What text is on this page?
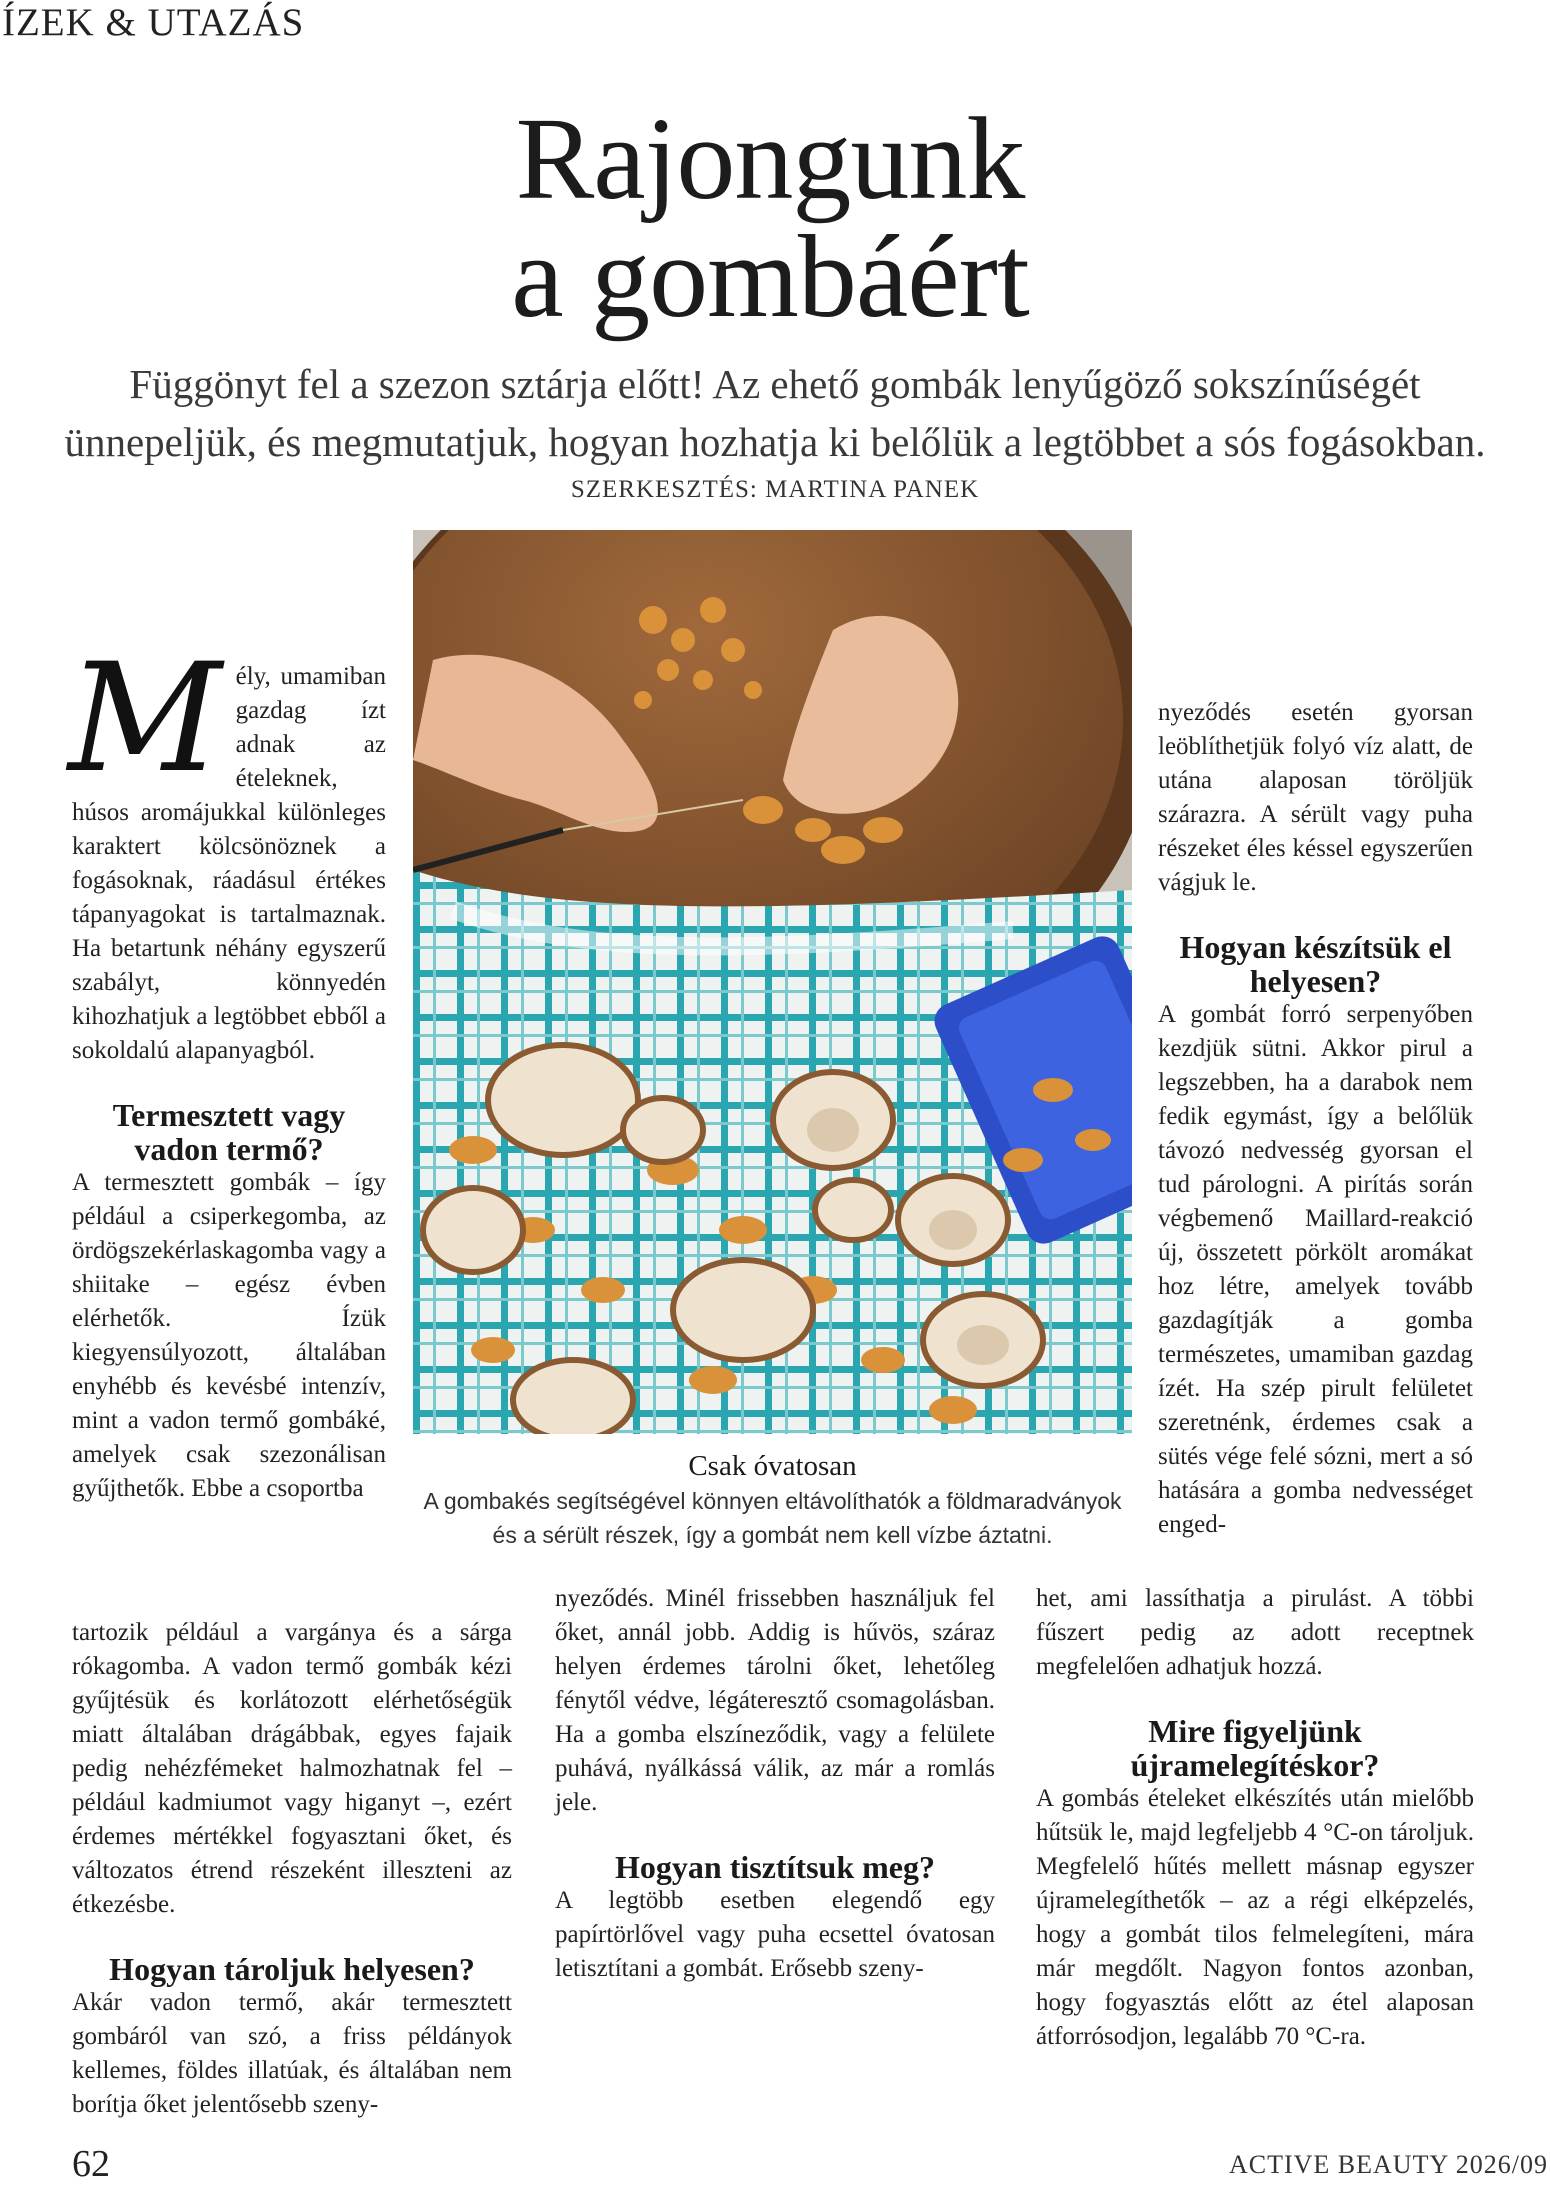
ÍZEK & UTAZÁS
Rajongunk
a gombáért
Függönyt fel a szezon sztárja előtt! Az ehető gombák lenyűgöző sokszínűségét ünnepeljük, és megmutatjuk, hogyan hozhatja ki belőlük a legtöbbet a sós fogásokban.
SZERKESZTÉS: MARTINA PANEK
Csak óvatosan
A gombakés segítségével könnyen eltávolíthatók a földmaradványok és a sérült részek, így a gombát nem kell vízbe áztatni.
M ély, umamiban gazdag ízt adnak az ételeknek, húsos aromájukkal különleges karaktert kölcsönöznek a fogásoknak, ráadásul értékes tápanyagokat is tartalmaznak. Ha betartunk néhány egyszerű szabályt, könnyedén kihozhatjuk a legtöbbet ebből a sokoldalú alapanyagból.

Termesztett vagy vadon termő?

A termesztett gombák – így például a csiperkegomba, az ördögszekérlaskagomba vagy a shiitake – egész évben elérhetők. Ízük kiegyensúlyozott, általában enyhébb és kevésbé intenzív, mint a vadon termő gombáké, amelyek csak szezonálisan gyűjthetők. Ebbe a csoportba

tartozik például a vargánya és a sárga rókagomba. A vadon termő gombák kézi gyűjtésük és korlátozott elérhetőségük miatt általában drágábbak, egyes fajaik pedig nehézfémeket halmozhatnak fel – például kadmiumot vagy higanyt –, ezért érdemes mértékkel fogyasztani őket, és változatos étrend részeként illeszteni az étkezésbe.

Hogyan tároljuk helyesen?

Akár vadon termő, akár termesztett gombáról van szó, a friss példányok kellemes, földes illatúak, és általában nem borítja őket jelentősebb szeny-

nyeződés. Minél frissebben használjuk fel őket, annál jobb. Addig is hűvös, száraz helyen érdemes tárolni őket, lehetőleg fénytől védve, légáteresztő csomagolásban. Ha a gomba elszíneződik, vagy a felülete puhává, nyálkássá válik, az már a romlás jele.

Hogyan tisztítsuk meg?

A legtöbb esetben elegendő egy papírtörlővel vagy puha ecsettel óvatosan letisztítani a gombát. Erősebb szeny-

nyeződés esetén gyorsan leöblíthetjük folyó víz alatt, de utána alaposan töröljük szárazra. A sérült vagy puha részeket éles késsel egyszerűen vágjuk le.

Hogyan készítsük el helyesen?

A gombát forró serpenyőben kezdjük sütni. Akkor pirul a legszebben, ha a darabok nem fedik egymást, így a belőlük távozó nedvesség gyorsan el tud párologni. A pirítás során végbemenő Maillard-reakció új, összetett pörkölt aromákat hoz létre, amelyek tovább gazdagítják a gomba természetes, umamiban gazdag ízét. Ha szép pirult felületet szeretnénk, érdemes csak a sütés vége felé sózni, mert a só hatására a gomba nedvességet enged-

het, ami lassíthatja a pirulást. A többi fűszert pedig az adott receptnek megfelelően adhatjuk hozzá.

Mire figyeljünk újramelegítéskor?

A gombás ételeket elkészítés után mielőbb hűtsük le, majd legfeljebb 4 °C-on tároljuk. Megfelelő hűtés mellett másnap egyszer újramelegíthetők – az a régi elképzelés, hogy a gombát tilos felmelegíteni, mára már megdőlt. Nagyon fontos azonban, hogy fogyasztás előtt az étel alaposan átforrósodjon, legalább 70 °C-ra.

62	ACTIVE BEAUTY 2026/09
